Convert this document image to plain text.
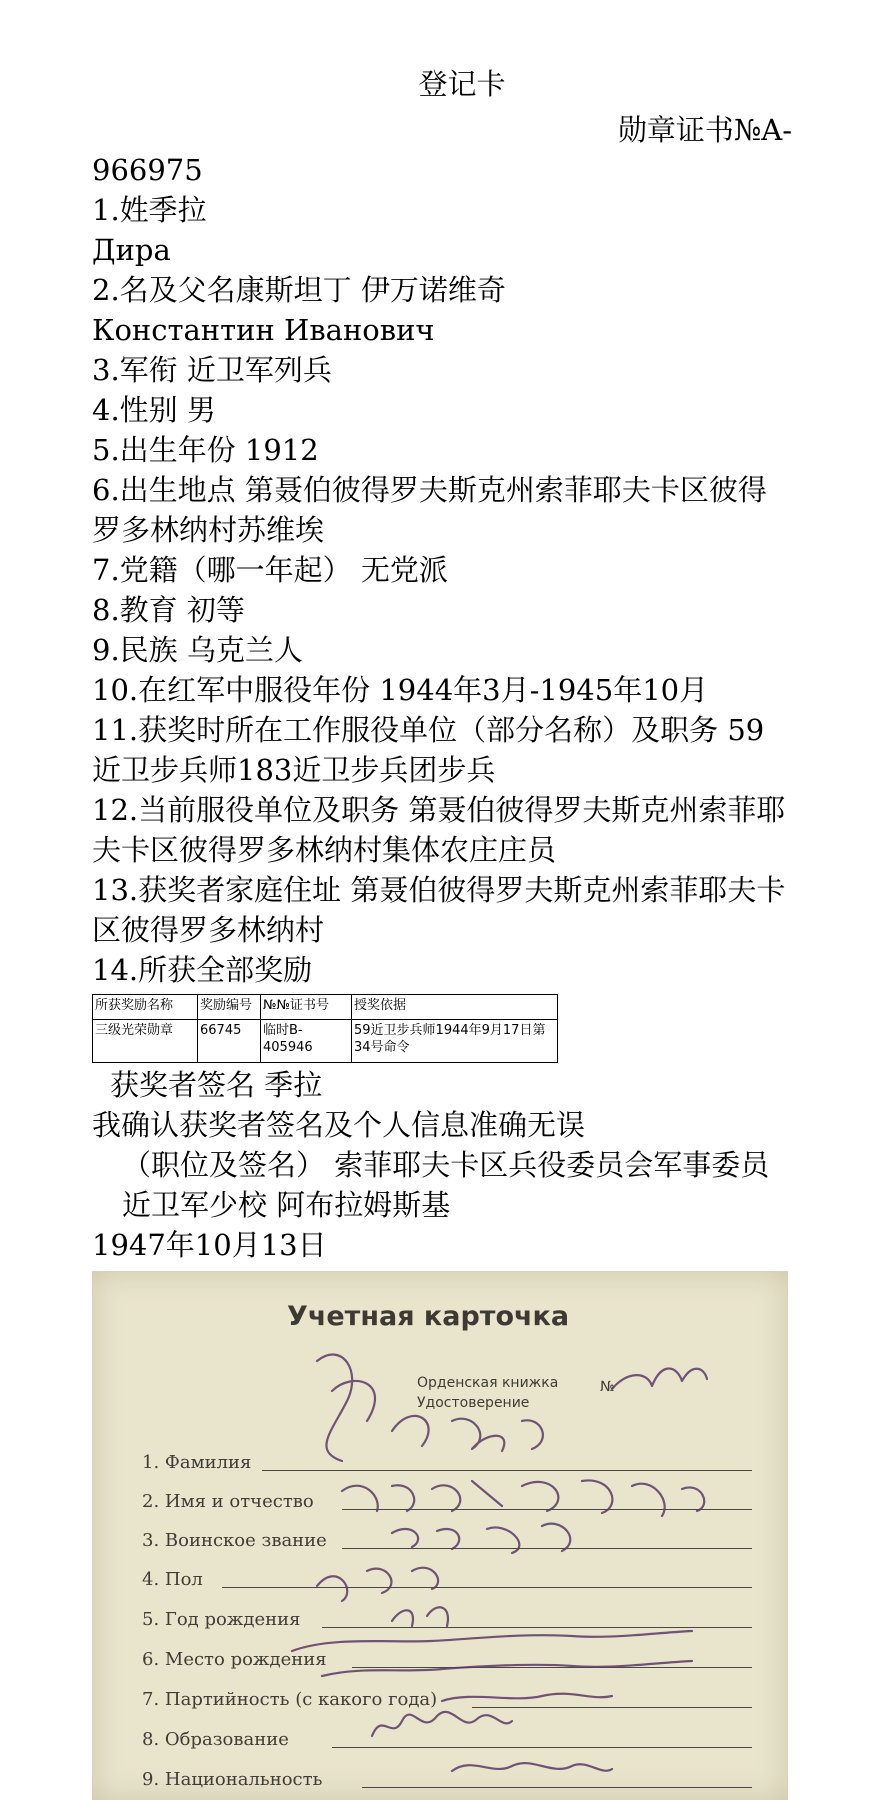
登记卡
勋章证书№A-
966975
1.姓季拉
Дира
2.名及父名康斯坦丁 伊万诺维奇
Константин Иванович
3.军衔 近卫军列兵
4.性别 男
5.出生年份 1912
6.出生地点 第聂伯彼得罗夫斯克州索菲耶夫卡区彼得罗多林纳村苏维埃
7.党籍（哪一年起） 无党派
8.教育 初等
9.民族 乌克兰人
10.在红军中服役年份 1944年3月-1945年10月
11.获奖时所在工作服役单位（部分名称）及职务 59近卫步兵师183近卫步兵团步兵
12.当前服役单位及职务 第聂伯彼得罗夫斯克州索菲耶夫卡区彼得罗多林纳村集体农庄庄员
13.获奖者家庭住址 第聂伯彼得罗夫斯克州索菲耶夫卡区彼得罗多林纳村
14.所获全部奖励
所获奖励名称	奖励编号	№№证书号	授奖依据
三级光荣勋章	66745	临时B-405946	59近卫步兵师1944年9月17日第34号命令
获奖者签名 季拉
我确认获奖者签名及个人信息准确无误
（职位及签名） 索菲耶夫卡区兵役委员会军事委员 近卫军少校 阿布拉姆斯基
1947年10月13日
Учетная карточка
Орденская книжка
Удостоверение
№
1. Фамилия
2. Имя и отчество
3. Воинское звание
4. Пол
5. Год рождения
6. Место рождения
7. Партийность (с какого года)
8. Образование
9. Национальность
